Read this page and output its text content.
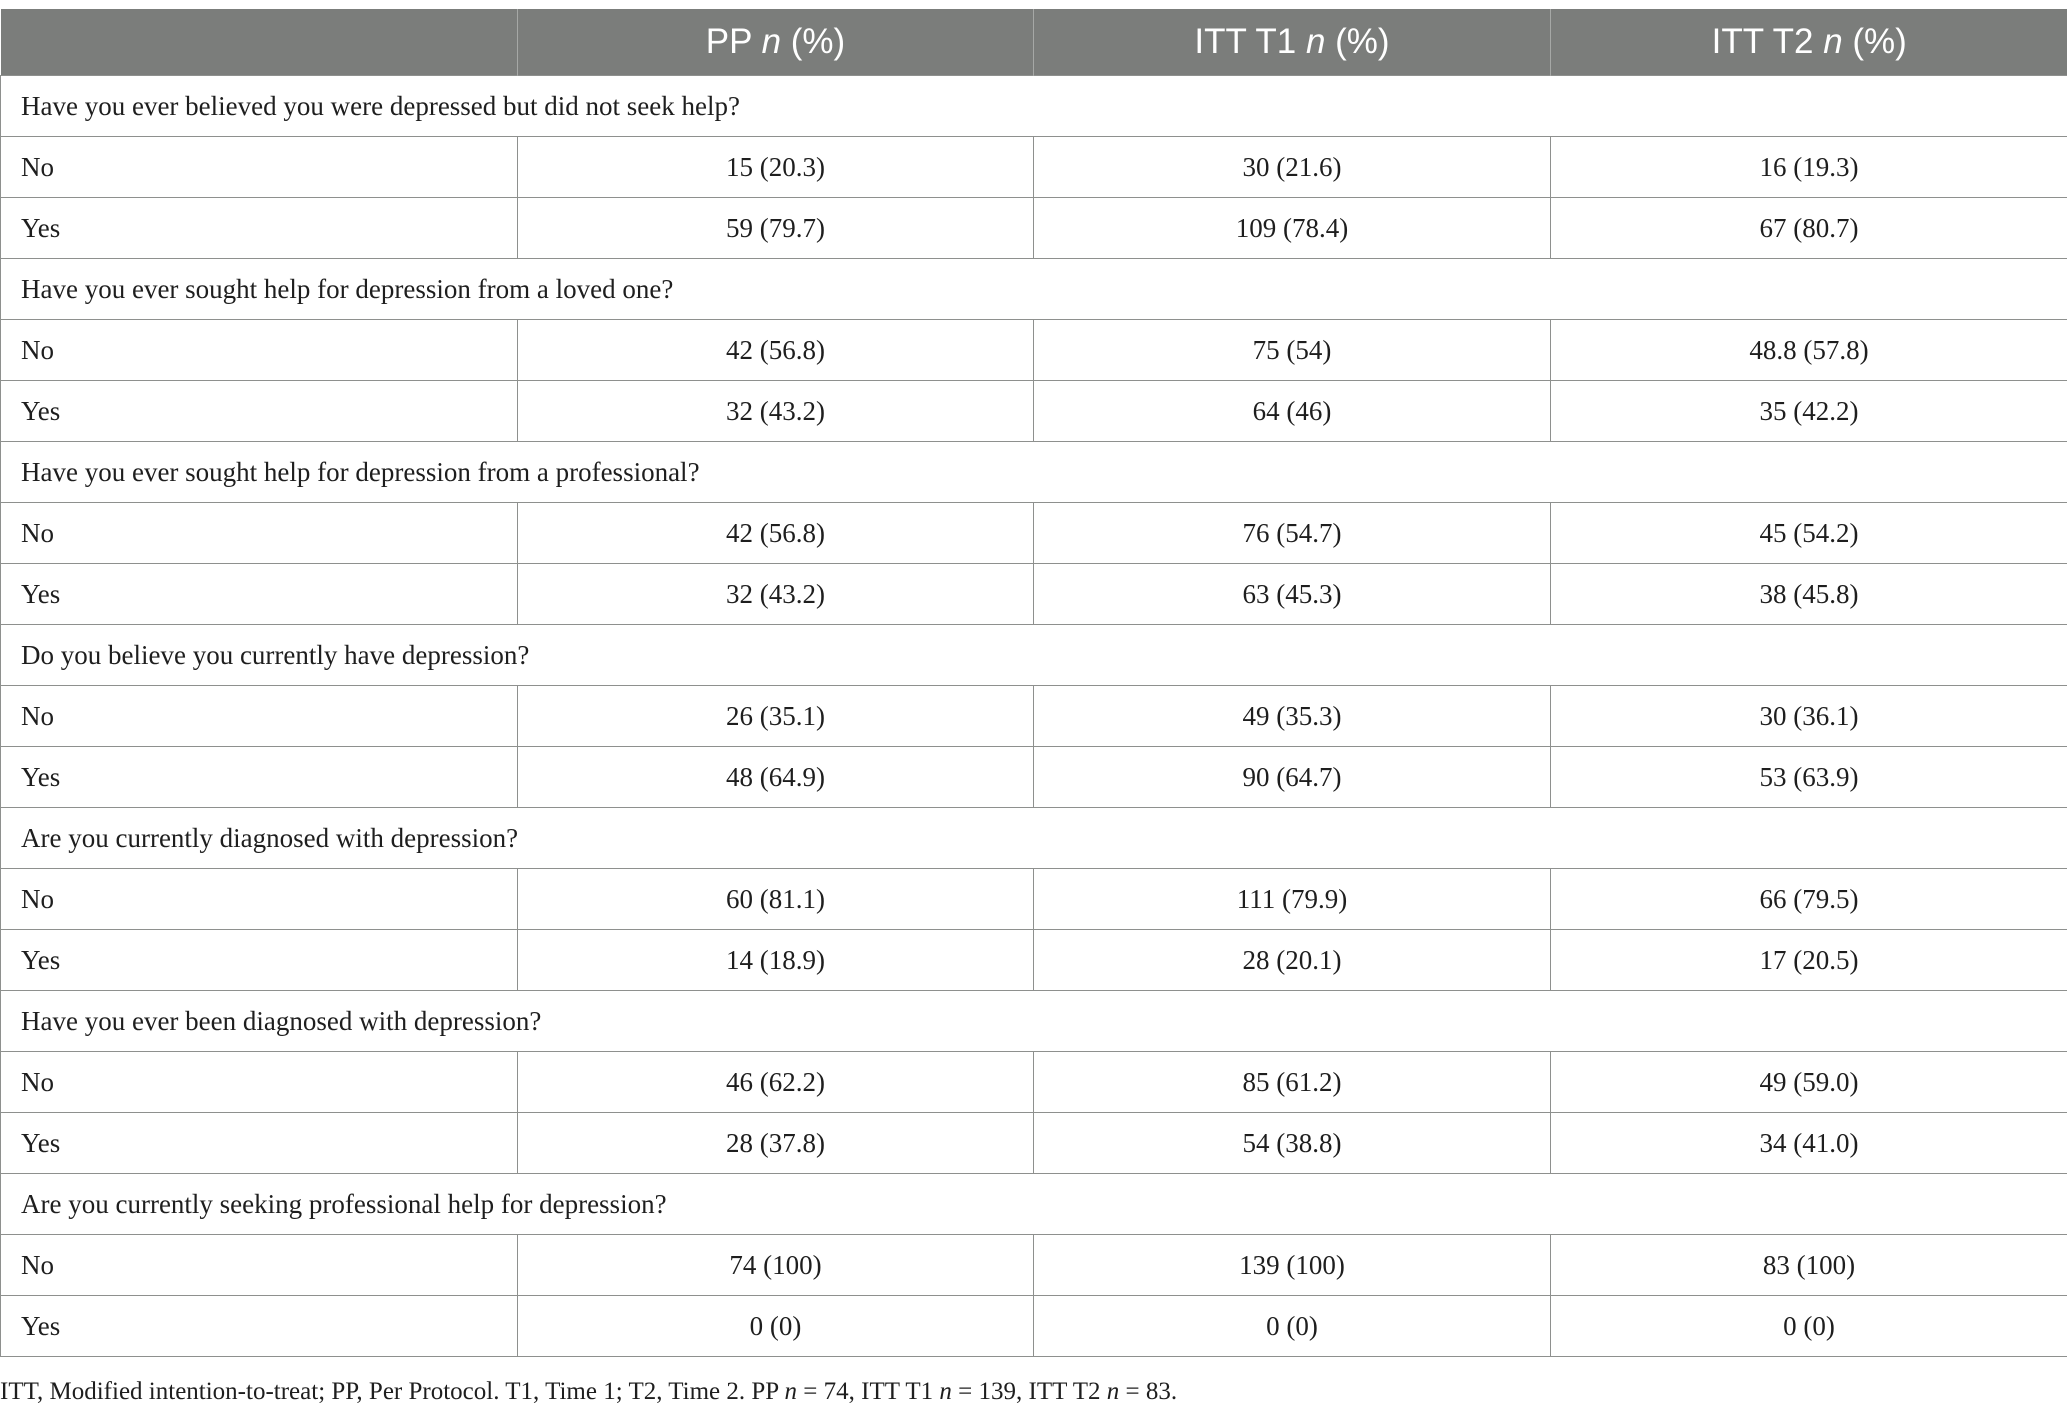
	PP n (%)	ITT T1 n (%)	ITT T2 n (%)
Have you ever believed you were depressed but did not seek help?			
No	15 (20.3)	30 (21.6)	16 (19.3)
Yes	59 (79.7)	109 (78.4)	67 (80.7)
Have you ever sought help for depression from a loved one?			
No	42 (56.8)	75 (54)	48.8 (57.8)
Yes	32 (43.2)	64 (46)	35 (42.2)
Have you ever sought help for depression from a professional?			
No	42 (56.8)	76 (54.7)	45 (54.2)
Yes	32 (43.2)	63 (45.3)	38 (45.8)
Do you believe you currently have depression?			
No	26 (35.1)	49 (35.3)	30 (36.1)
Yes	48 (64.9)	90 (64.7)	53 (63.9)
Are you currently diagnosed with depression?			
No	60 (81.1)	111 (79.9)	66 (79.5)
Yes	14 (18.9)	28 (20.1)	17 (20.5)
Have you ever been diagnosed with depression?			
No	46 (62.2)	85 (61.2)	49 (59.0)
Yes	28 (37.8)	54 (38.8)	34 (41.0)
Are you currently seeking professional help for depression?			
No	74 (100)	139 (100)	83 (100)
Yes	0 (0)	0 (0)	0 (0)
ITT, Modified intention-to-treat; PP, Per Protocol. T1, Time 1; T2, Time 2. PP n = 74, ITT T1 n = 139, ITT T2 n = 83.
